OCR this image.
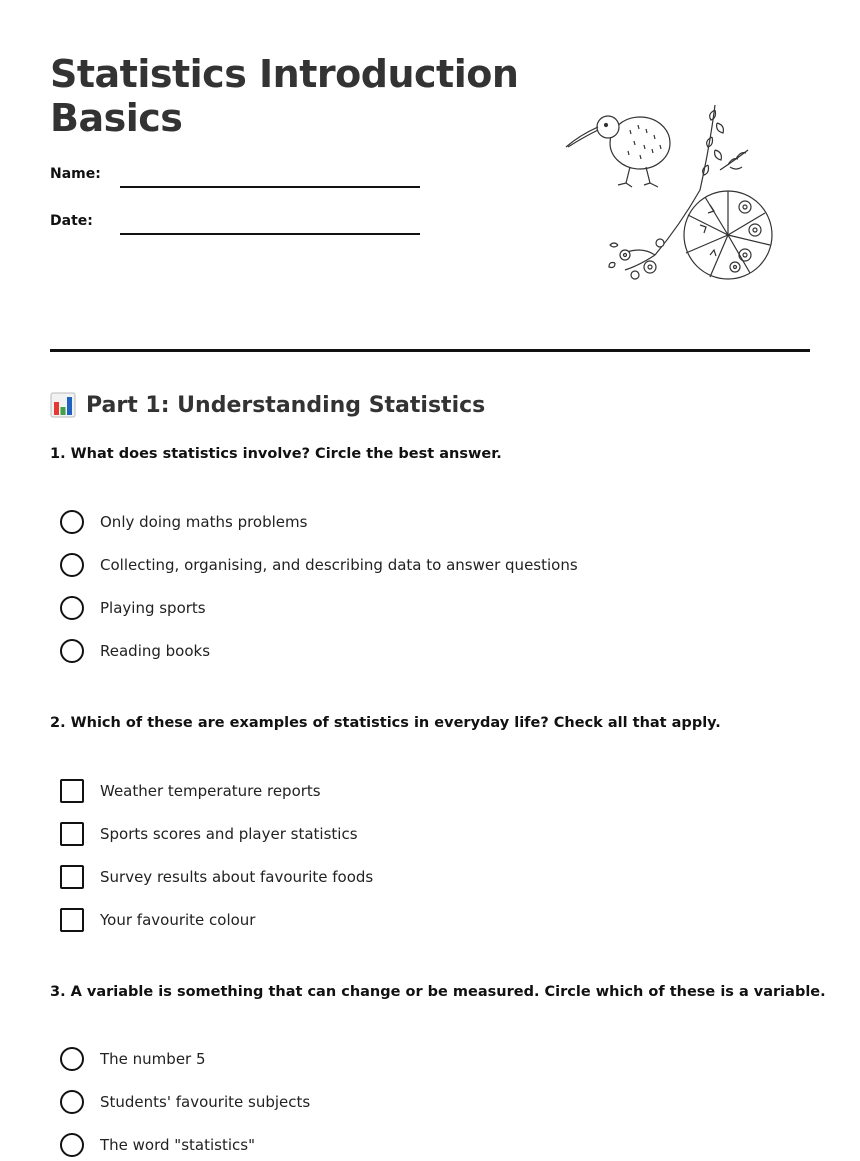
Statistics Introduction
Basics
Name:
Date:
Part 1: Understanding Statistics
1. What does statistics involve? Circle the best answer.
Only doing maths problems
Collecting, organising, and describing data to answer questions
Playing sports
Reading books
2. Which of these are examples of statistics in everyday life? Check all that apply.
Weather temperature reports
Sports scores and player statistics
Survey results about favourite foods
Your favourite colour
3. A variable is something that can change or be measured. Circle which of these is a variable.
The number 5
Students' favourite subjects
The word "statistics"
